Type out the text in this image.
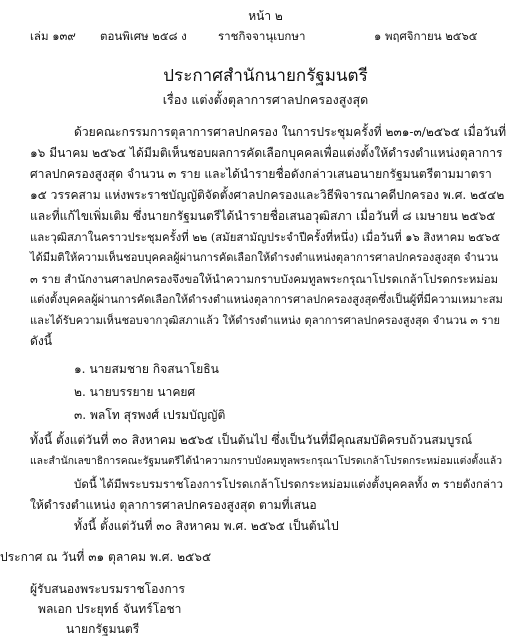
หน้า ๒
เล่ม ๑๓๙ ตอนพิเศษ ๒๕๘ ง	ราชกิจจานุเบกษา	๑ พฤศจิกายน ๒๕๖๕
ประกาศสำนักนายกรัฐมนตรี
เรื่อง แต่งตั้งตุลาการศาลปกครองสูงสุด
ด้วยคณะกรรมการตุลาการศาลปกครอง ในการประชุมครั้งที่ ๒๓๑-๓/๒๕๖๕ เมื่อวันที่
๑๖ มีนาคม ๒๕๖๕ ได้มีมติเห็นชอบผลการคัดเลือกบุคคลเพื่อแต่งตั้งให้ดำรงตำแหน่งตุลาการ
ศาลปกครองสูงสุด จำนวน ๓ ราย และได้นำรายชื่อดังกล่าวเสนอนายกรัฐมนตรีตามมาตรา
๑๕ วรรคสาม แห่งพระราชบัญญัติจัดตั้งศาลปกครองและวิธีพิจารณาคดีปกครอง พ.ศ. ๒๕๔๒
และที่แก้ไขเพิ่มเติม ซึ่งนายกรัฐมนตรีได้นำรายชื่อเสนอวุฒิสภา เมื่อวันที่ ๘ เมษายน ๒๕๖๕
และวุฒิสภาในคราวประชุมครั้งที่ ๒๒ (สมัยสามัญประจำปีครั้งที่หนึ่ง) เมื่อวันที่ ๑๖ สิงหาคม ๒๕๖๕
ได้มีมติให้ความเห็นชอบบุคคลผู้ผ่านการคัดเลือกให้ดำรงตำแหน่งตุลาการศาลปกครองสูงสุด จำนวน
๓ ราย สำนักงานศาลปกครองจึงขอให้นำความกราบบังคมทูลพระกรุณาโปรดเกล้าโปรดกระหม่อม
แต่งตั้งบุคคลผู้ผ่านการคัดเลือกให้ดำรงตำแหน่งตุลาการศาลปกครองสูงสุดซึ่งเป็นผู้ที่มีความเหมาะสม
และได้รับความเห็นชอบจากวุฒิสภาแล้ว ให้ดำรงตำแหน่ง ตุลาการศาลปกครองสูงสุด จำนวน ๓ ราย
ดังนี้
๑. นายสมชาย กิจสนาโยธิน
๒. นายบรรยาย นาคยศ
๓. พลโท สุรพงศ์ เปรมบัญญัติ
ทั้งนี้ ตั้งแต่วันที่ ๓๐ สิงหาคม ๒๕๖๕ เป็นต้นไป ซึ่งเป็นวันที่มีคุณสมบัติครบถ้วนสมบูรณ์
และสำนักเลขาธิการคณะรัฐมนตรีได้นำความกราบบังคมทูลพระกรุณาโปรดเกล้าโปรดกระหม่อมแต่งตั้งแล้ว
บัดนี้ ได้มีพระบรมราชโองการโปรดเกล้าโปรดกระหม่อมแต่งตั้งบุคคลทั้ง ๓ รายดังกล่าว
ให้ดำรงตำแหน่ง ตุลาการศาลปกครองสูงสุด ตามที่เสนอ
ทั้งนี้ ตั้งแต่วันที่ ๓๐ สิงหาคม พ.ศ. ๒๕๖๕ เป็นต้นไป
ประกาศ ณ วันที่ ๓๑ ตุลาคม พ.ศ. ๒๕๖๕
ผู้รับสนองพระบรมราชโองการ
พลเอก ประยุทธ์ จันทร์โอชา
นายกรัฐมนตรี
